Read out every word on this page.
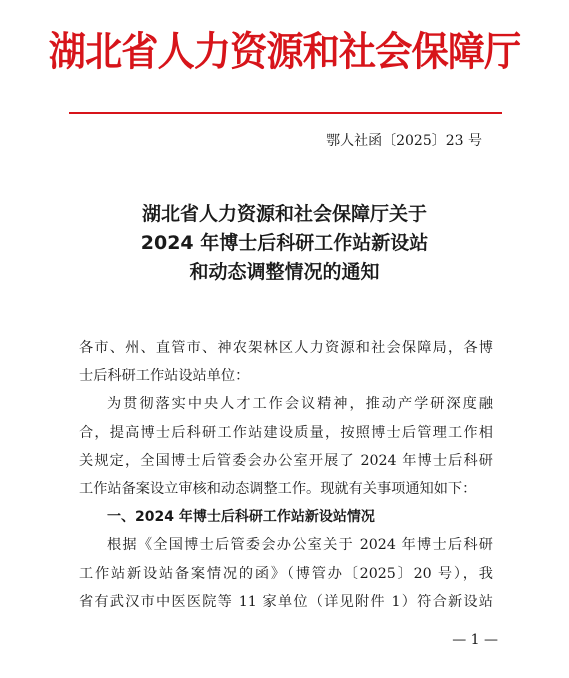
湖北省人力资源和社会保障厅
鄂人社函〔2025〕23 号
湖北省人力资源和社会保障厅关于
2024 年博士后科研工作站新设站
和动态调整情况的通知
各市、州、直管市、神农架林区人力资源和社会保障局，各博
士后科研工作站设站单位：
为贯彻落实中央人才工作会议精神，推动产学研深度融
合，提高博士后科研工作站建设质量，按照博士后管理工作相
关规定，全国博士后管委会办公室开展了 2024 年博士后科研
工作站备案设立审核和动态调整工作。现就有关事项通知如下：
一、2024 年博士后科研工作站新设站情况
根据《全国博士后管委会办公室关于 2024 年博士后科研
工作站新设站备案情况的函》（博管办〔2025〕20 号），我
省有武汉市中医医院等 11 家单位（详见附件 1）符合新设站
— 1 —
